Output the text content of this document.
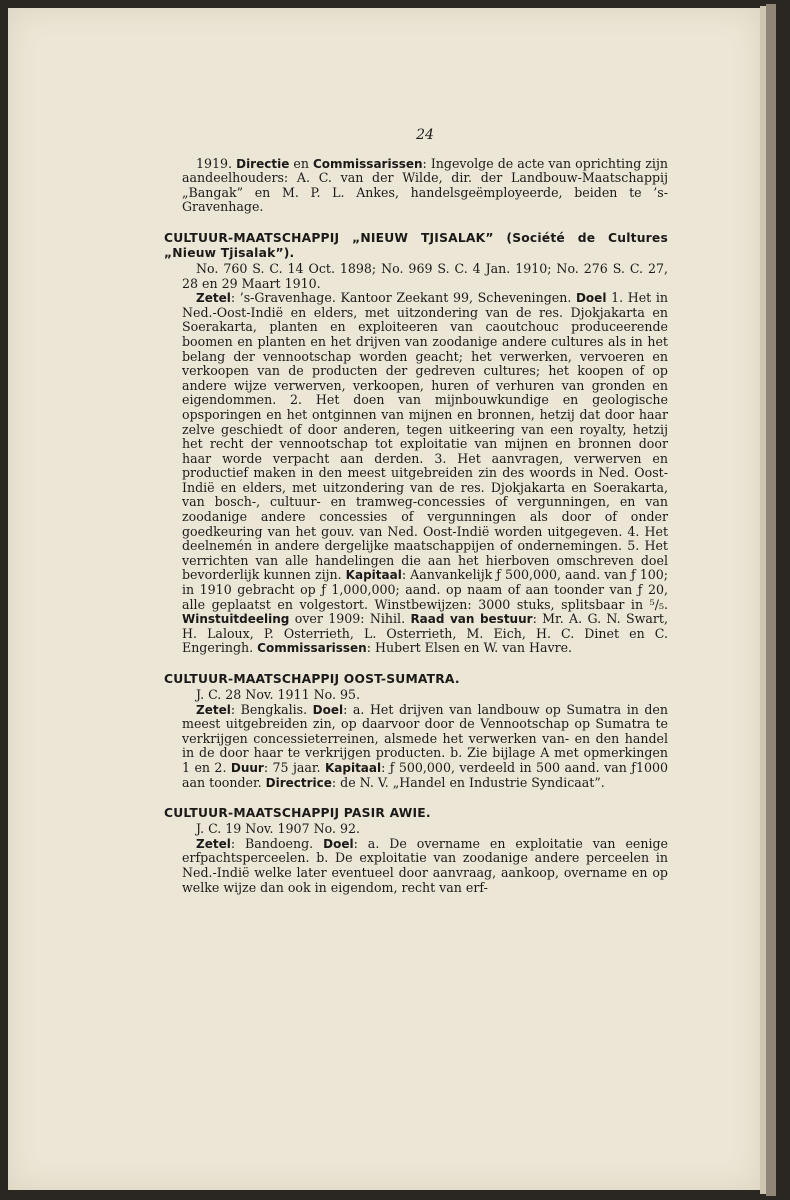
24

1919. Directie en Commissarissen: Ingevolge de acte van oprichting zijn aandeelhouders: A. C. van der Wilde, dir. der Landbouw-Maatschappij „Bangak” en M. P. L. Ankes, handelsgeëmployeerde, beiden te ’s-Gravenhage.

CULTUUR-MAATSCHAPPIJ „NIEUW TJISALAK” (Société de Cultures „Nieuw Tjisalak”).

No. 760 S. C. 14 Oct. 1898; No. 969 S. C. 4 Jan. 1910; No. 276 S. C. 27, 28 en 29 Maart 1910.

Zetel: ’s-Gravenhage. Kantoor Zeekant 99, Scheveningen. Doel 1. Het in Ned.-Oost-Indië en elders, met uitzondering van de res. Djokjakarta en Soerakarta, planten en exploiteeren van caoutchouc produceerende boomen en planten en het drijven van zoodanige andere cultures als in het belang der vennootschap worden geacht; het verwerken, vervoeren en verkoopen van de producten der gedreven cultures; het koopen of op andere wijze verwerven, verkoopen, huren of verhuren van gronden en eigendommen. 2. Het doen van mijnbouwkundige en geologische opsporingen en het ontginnen van mijnen en bronnen, hetzij dat door haar zelve geschiedt of door anderen, tegen uitkeering van een royalty, hetzij het recht der vennootschap tot exploitatie van mijnen en bronnen door haar worde verpacht aan derden. 3. Het aanvragen, verwerven en productief maken in den meest uitgebreiden zin des woords in Ned. Oost-Indië en elders, met uitzondering van de res. Djokjakarta en Soerakarta, van bosch-, cultuur- en tramweg-concessies of vergunningen, en van zoodanige andere concessies of vergunningen als door of onder goedkeuring van het gouv. van Ned. Oost-Indië worden uitgegeven. 4. Het deelnemén in andere dergelijke maatschappijen of ondernemingen. 5. Het verrichten van alle handelingen die aan het hierboven omschreven doel bevorderlijk kunnen zijn. Kapitaal: Aanvankelijk ƒ 500,000, aand. van ƒ 100; in 1910 gebracht op ƒ 1,000,000; aand. op naam of aan toonder van ƒ 20, alle geplaatst en volgestort. Winstbewijzen: 3000 stuks, splitsbaar in ⁵/₅. Winstuitdeeling over 1909: Nihil. Raad van bestuur: Mr. A. G. N. Swart, H. Laloux, P. Osterrieth, L. Osterrieth, M. Eich, H. C. Dinet en C. Engeringh. Commissarissen: Hubert Elsen en W. van Havre.

CULTUUR-MAATSCHAPPIJ OOST-SUMATRA.

J. C. 28 Nov. 1911 No. 95.

Zetel: Bengkalis. Doel: a. Het drijven van landbouw op Sumatra in den meest uitgebreiden zin, op daarvoor door de Vennootschap op Sumatra te verkrijgen concessieterreinen, alsmede het verwerken van- en den handel in de door haar te verkrijgen producten. b. Zie bijlage A met opmerkingen 1 en 2. Duur: 75 jaar. Kapitaal: ƒ 500,000, verdeeld in 500 aand. van ƒ1000 aan toonder. Directrice: de N. V. „Handel en Industrie Syndicaat”.

CULTUUR-MAATSCHAPPIJ PASIR AWIE.

J. C. 19 Nov. 1907 No. 92.

Zetel: Bandoeng. Doel: a. De overname en exploitatie van eenige erfpachtsperceelen. b. De exploitatie van zoodanige andere perceelen in Ned.-Indië welke later eventueel door aanvraag, aankoop, overname en op welke wijze dan ook in eigendom, recht van erf-
